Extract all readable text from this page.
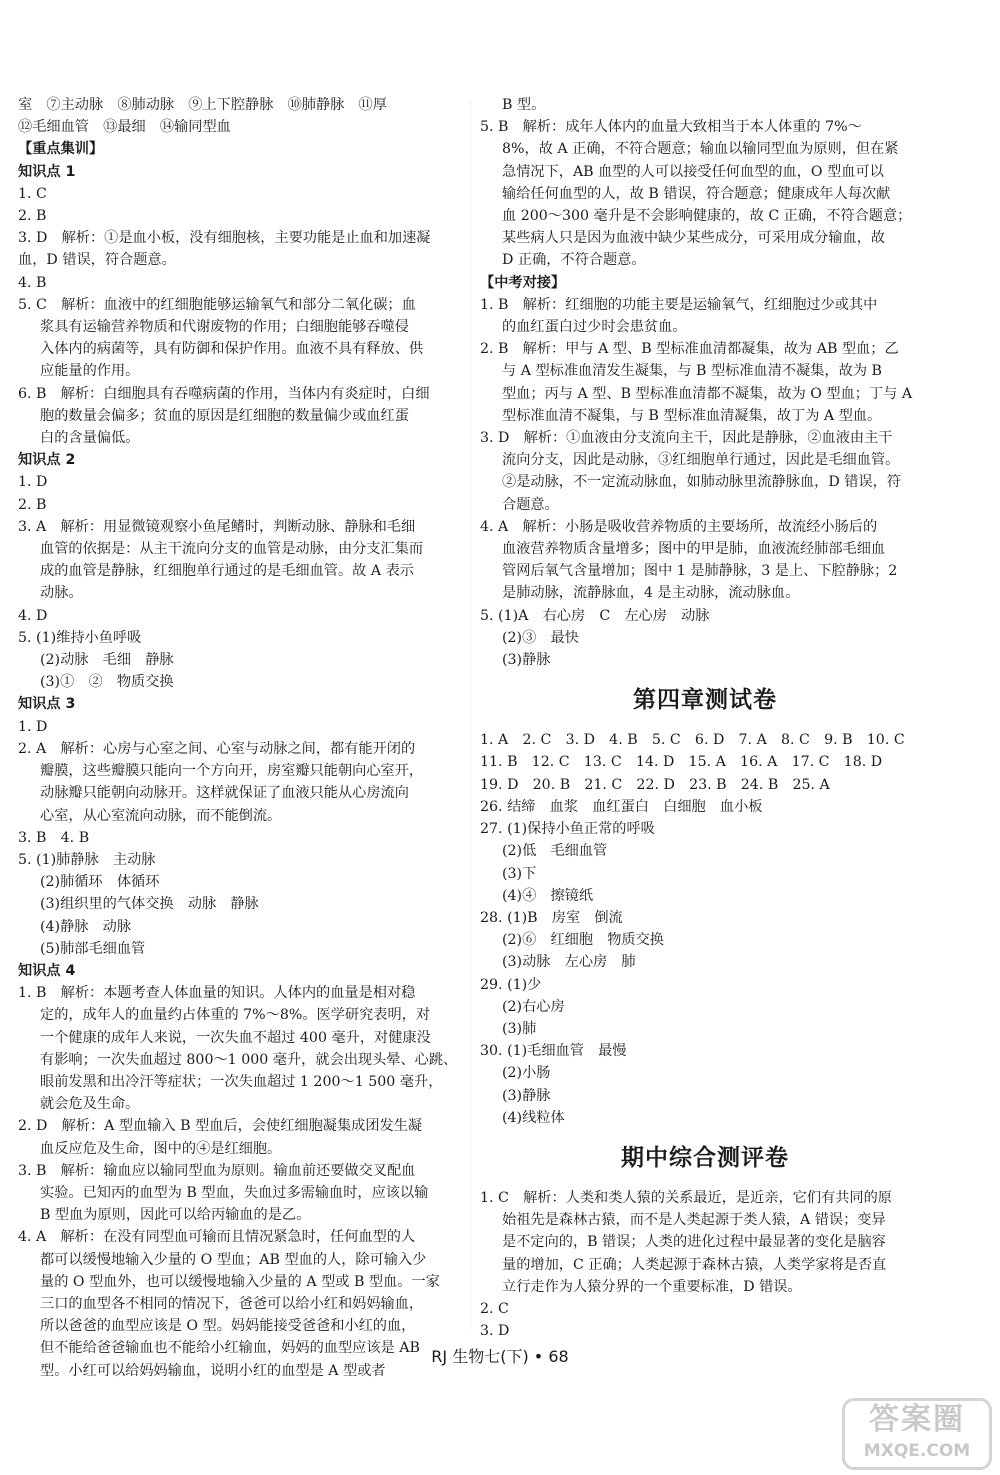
室　⑦主动脉　⑧肺动脉　⑨上下腔静脉　⑩肺静脉　⑪厚

⑫毛细血管　⑬最细　⑭输同型血

【重点集训】

知识点 1

1. C

2. B

3. D　解析：①是血小板，没有细胞核，主要功能是止血和加速凝

血，D 错误，符合题意。

4. B

5. C　解析：血液中的红细胞能够运输氧气和部分二氧化碳；血

浆具有运输营养物质和代谢废物的作用；白细胞能够吞噬侵

入体内的病菌等，具有防御和保护作用。血液不具有释放、供

应能量的作用。

6. B　解析：白细胞具有吞噬病菌的作用，当体内有炎症时，白细

胞的数量会偏多；贫血的原因是红细胞的数量偏少或血红蛋

白的含量偏低。

知识点 2

1. D

2. B

3. A　解析：用显微镜观察小鱼尾鳍时，判断动脉、静脉和毛细

血管的依据是：从主干流向分支的血管是动脉，由分支汇集而

成的血管是静脉，红细胞单行通过的是毛细血管。故 A 表示

动脉。

4. D

5. (1)维持小鱼呼吸

(2)动脉　毛细　静脉

(3)①　②　物质交换

知识点 3

1. D

2. A　解析：心房与心室之间、心室与动脉之间，都有能开闭的

瓣膜，这些瓣膜只能向一个方向开，房室瓣只能朝向心室开，

动脉瓣只能朝向动脉开。这样就保证了血液只能从心房流向

心室，从心室流向动脉，而不能倒流。

3. B　4. B

5. (1)肺静脉　主动脉

(2)肺循环　体循环

(3)组织里的气体交换　动脉　静脉

(4)静脉　动脉

(5)肺部毛细血管

知识点 4

1. B　解析：本题考查人体血量的知识。人体内的血量是相对稳

定的，成年人的血量约占体重的 7%～8%。医学研究表明，对

一个健康的成年人来说，一次失血不超过 400 毫升，对健康没

有影响；一次失血超过 800～1 000 毫升，就会出现头晕、心跳、

眼前发黑和出冷汗等症状；一次失血超过 1 200～1 500 毫升，

就会危及生命。

2. D　解析：A 型血输入 B 型血后，会使红细胞凝集成团发生凝

血反应危及生命，图中的④是红细胞。

3. B　解析：输血应以输同型血为原则。输血前还要做交叉配血

实验。已知丙的血型为 B 型血，失血过多需输血时，应该以输

B 型血为原则，因此可以给丙输血的是乙。

4. A　解析：在没有同型血可输而且情况紧急时，任何血型的人

都可以缓慢地输入少量的 O 型血；AB 型血的人，除可输入少

量的 O 型血外，也可以缓慢地输入少量的 A 型或 B 型血。一家

三口的血型各不相同的情况下，爸爸可以给小红和妈妈输血，

所以爸爸的血型应该是 O 型。妈妈能接受爸爸和小红的血，

但不能给爸爸输血也不能给小红输血，妈妈的血型应该是 AB

型。小红可以给妈妈输血，说明小红的血型是 A 型或者

B 型。

5. B　解析：成年人体内的血量大致相当于本人体重的 7%～

8%，故 A 正确，不符合题意；输血以输同型血为原则，但在紧

急情况下，AB 血型的人可以接受任何血型的血，O 型血可以

输给任何血型的人，故 B 错误，符合题意；健康成年人每次献

血 200～300 毫升是不会影响健康的，故 C 正确，不符合题意；

某些病人只是因为血液中缺少某些成分，可采用成分输血，故

D 正确，不符合题意。

【中考对接】

1. B　解析：红细胞的功能主要是运输氧气，红细胞过少或其中

的血红蛋白过少时会患贫血。

2. B　解析：甲与 A 型、B 型标准血清都凝集，故为 AB 型血；乙

与 A 型标准血清发生凝集，与 B 型标准血清不凝集，故为 B

型血；丙与 A 型、B 型标准血清都不凝集，故为 O 型血；丁与 A

型标准血清不凝集，与 B 型标准血清凝集，故丁为 A 型血。

3. D　解析：①血液由分支流向主干，因此是静脉，②血液由主干

流向分支，因此是动脉，③红细胞单行通过，因此是毛细血管。

②是动脉，不一定流动脉血，如肺动脉里流静脉血，D 错误，符

合题意。

4. A　解析：小肠是吸收营养物质的主要场所，故流经小肠后的

血液营养物质含量增多；图中的甲是肺，血液流经肺部毛细血

管网后氧气含量增加；图中 1 是肺静脉，3 是上、下腔静脉；2

是肺动脉，流静脉血，4 是主动脉，流动脉血。

5. (1)A　右心房　C　左心房　动脉

(2)③　最快

(3)静脉

第四章测试卷

1. A　2. C　3. D　4. B　5. C　6. D　7. A　8. C　9. B　10. C

11. B　12. C　13. C　14. D　15. A　16. A　17. C　18. D

19. D　20. B　21. C　22. D　23. B　24. B　25. A

26. 结缔　血浆　血红蛋白　白细胞　血小板

27. (1)保持小鱼正常的呼吸

(2)低　毛细血管

(3)下

(4)④　擦镜纸

28. (1)B　房室　倒流

(2)⑥　红细胞　物质交换

(3)动脉　左心房　肺

29. (1)少

(2)右心房

(3)肺

30. (1)毛细血管　最慢

(2)小肠

(3)静脉

(4)线粒体

期中综合测评卷

1. C　解析：人类和类人猿的关系最近，是近亲，它们有共同的原

始祖先是森林古猿，而不是人类起源于类人猿，A 错误；变异

是不定向的，B 错误；人类的进化过程中最显著的变化是脑容

量的增加，C 正确；人类起源于森林古猿，人类学家将是否直

立行走作为人猿分界的一个重要标准，D 错误。

2. C

3. D

RJ 生物七(下) • 68
答案圈
MXQE.COM
